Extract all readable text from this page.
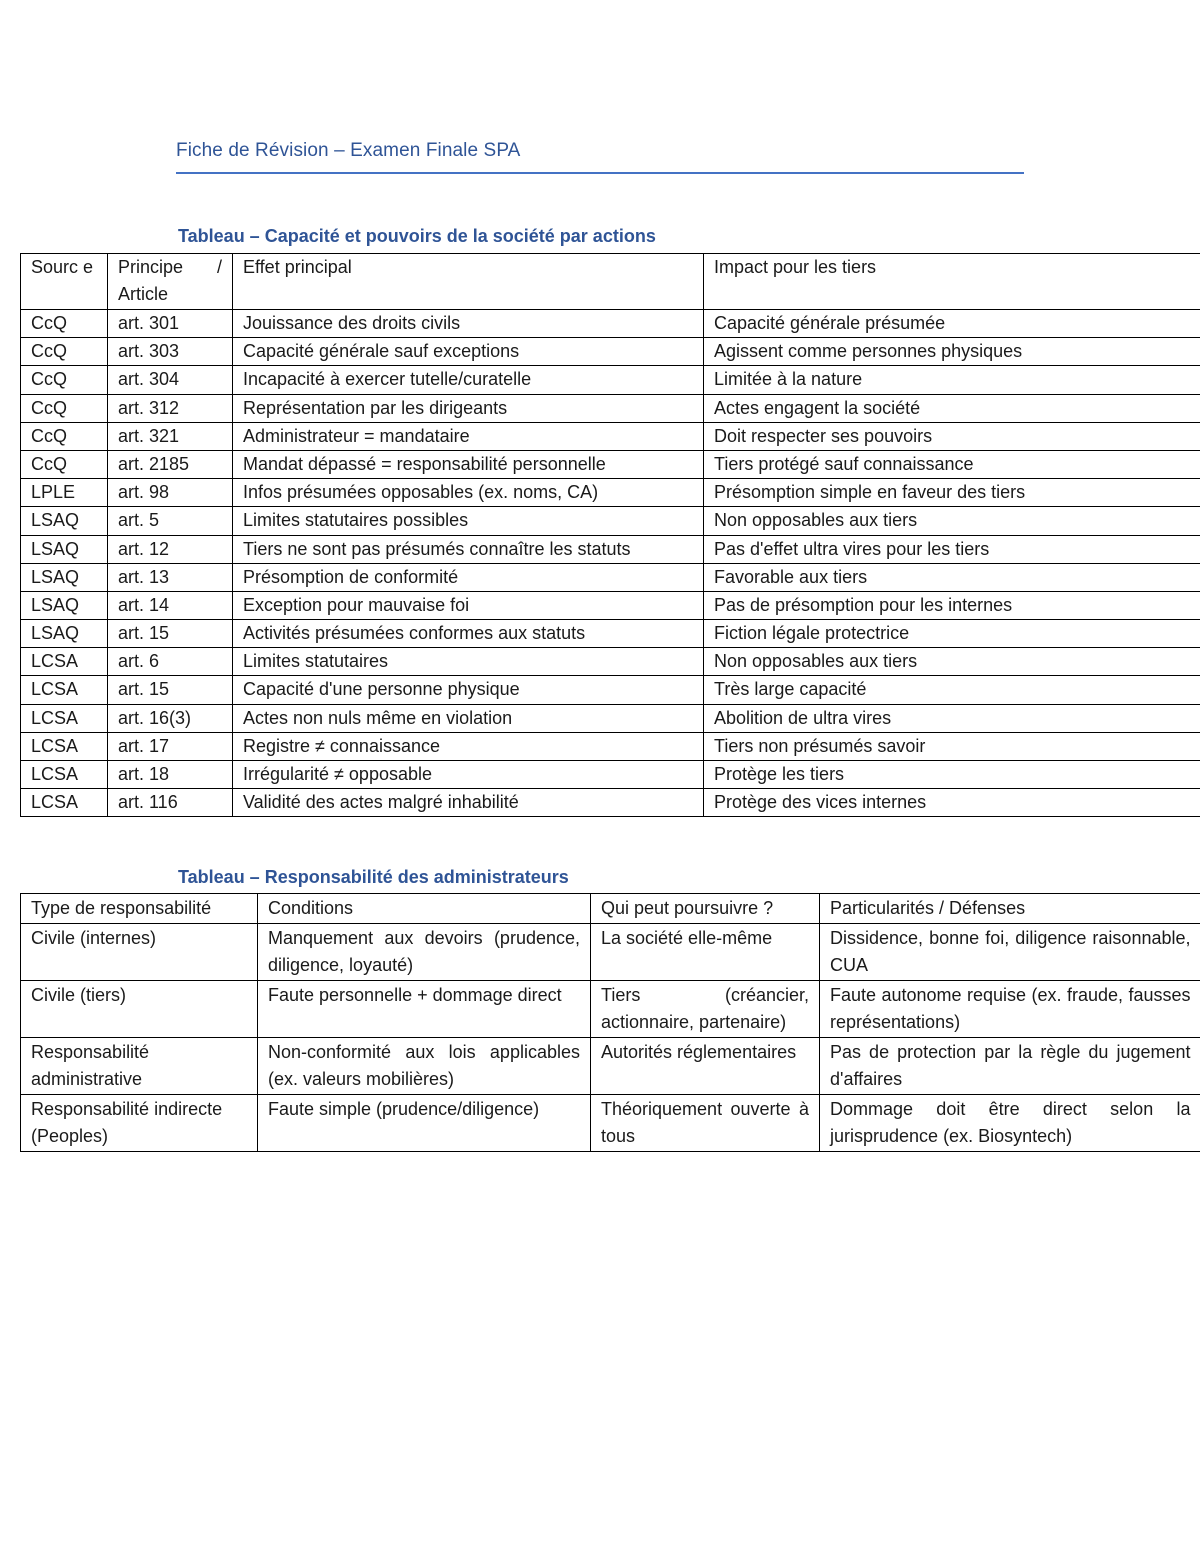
Fiche de Révision – Examen Finale SPA
Tableau – Capacité et pouvoirs de la société par actions
Sourc e	Principe / Article	Effet principal	Impact pour les tiers
CcQ	art. 301	Jouissance des droits civils	Capacité générale présumée
CcQ	art. 303	Capacité générale sauf exceptions	Agissent comme personnes physiques
CcQ	art. 304	Incapacité à exercer tutelle/curatelle	Limitée à la nature
CcQ	art. 312	Représentation par les dirigeants	Actes engagent la société
CcQ	art. 321	Administrateur = mandataire	Doit respecter ses pouvoirs
CcQ	art. 2185	Mandat dépassé = responsabilité personnelle	Tiers protégé sauf connaissance
LPLE	art. 98	Infos présumées opposables (ex. noms, CA)	Présomption simple en faveur des tiers
LSAQ	art. 5	Limites statutaires possibles	Non opposables aux tiers
LSAQ	art. 12	Tiers ne sont pas présumés connaître les statuts	Pas d'effet ultra vires pour les tiers
LSAQ	art. 13	Présomption de conformité	Favorable aux tiers
LSAQ	art. 14	Exception pour mauvaise foi	Pas de présomption pour les internes
LSAQ	art. 15	Activités présumées conformes aux statuts	Fiction légale protectrice
LCSA	art. 6	Limites statutaires	Non opposables aux tiers
LCSA	art. 15	Capacité d'une personne physique	Très large capacité
LCSA	art. 16(3)	Actes non nuls même en violation	Abolition de ultra vires
LCSA	art. 17	Registre ≠ connaissance	Tiers non présumés savoir
LCSA	art. 18	Irrégularité ≠ opposable	Protège les tiers
LCSA	art. 116	Validité des actes malgré inhabilité	Protège des vices internes
Tableau – Responsabilité des administrateurs
Type de responsabilité	Conditions	Qui peut poursuivre ?	Particularités / Défenses
Civile (internes)	Manquement aux devoirs (prudence, diligence, loyauté)	La société elle-même	Dissidence, bonne foi, diligence raisonnable, CUA
Civile (tiers)	Faute personnelle + dommage direct	Tiers (créancier, actionnaire, partenaire)	Faute autonome requise (ex. fraude, fausses représentations)
Responsabilité administrative	Non-conformité aux lois applicables (ex. valeurs mobilières)	Autorités réglementaires	Pas de protection par la règle du jugement d'affaires
Responsabilité indirecte (Peoples)	Faute simple (prudence/diligence)	Théoriquement ouverte à tous	Dommage doit être direct selon la jurisprudence (ex. Biosyntech)
